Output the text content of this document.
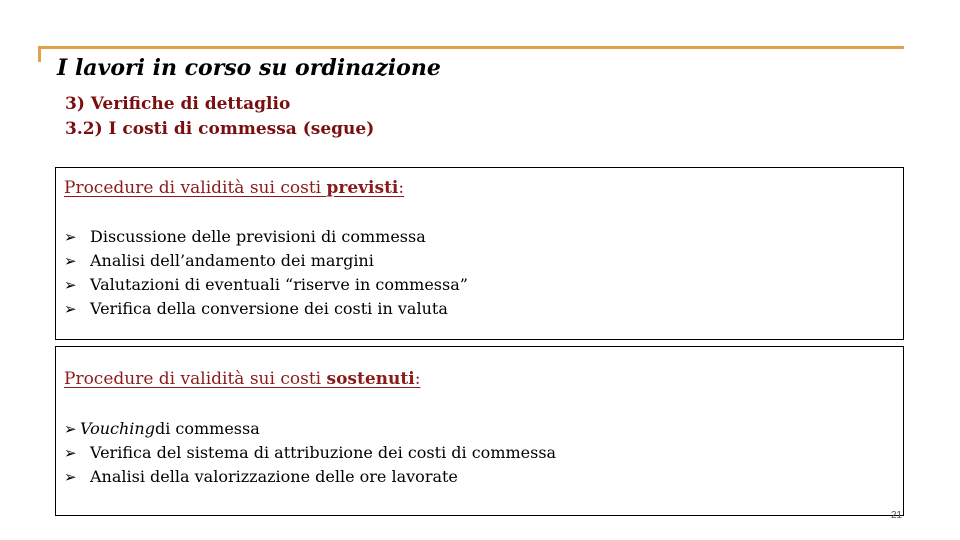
I lavori in corso su ordinazione
3) Verifiche di dettaglio
3.2) I costi di commessa (segue)
Procedure di validità sui costi previsti:
➢ Discussione delle previsioni di commessa
➢ Analisi dell’andamento dei margini
➢ Valutazioni di eventuali “riserve in commessa”
➢ Verifica della conversione dei costi in valuta
Procedure di validità sui costi sostenuti:
➢ Vouching di commessa
➢ Verifica del sistema di attribuzione dei costi di commessa
➢ Analisi della valorizzazione delle ore lavorate
21
